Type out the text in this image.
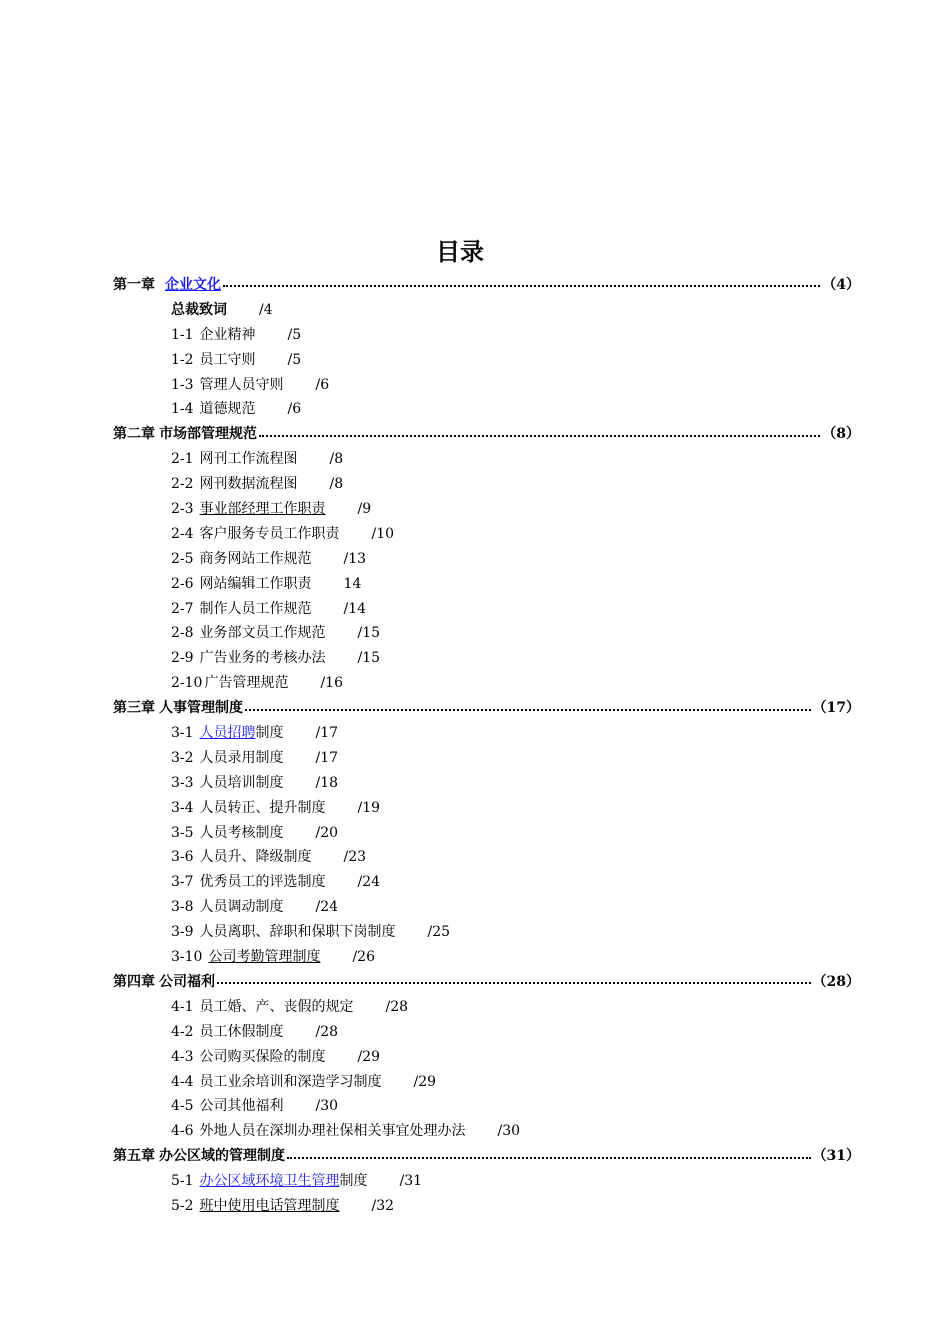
目录
第一章 企业文化	（4）
总裁致词 /4
1-1 企业精神 /5
1-2 员工守则 /5
1-3 管理人员守则 /6
1-4 道德规范 /6
第二章 市场部管理规范	（8）
2-1 网刊工作流程图 /8
2-2 网刊数据流程图 /8
2-3 事业部经理工作职责 /9
2-4 客户服务专员工作职责 /10
2-5 商务网站工作规范 /13
2-6 网站编辑工作职责 14
2-7 制作人员工作规范 /14
2-8 业务部文员工作规范 /15
2-9 广告业务的考核办法 /15
2-10 广告管理规范 /16
第三章 人事管理制度	（17）
3-1 人员招聘 制度 /17
3-2 人员录用制度 /17
3-3 人员培训制度 /18
3-4 人员转正、提升制度 /19
3-5 人员考核制度 /20
3-6 人员升、降级制度 /23
3-7 优秀员工的评选制度 /24
3-8 人员调动制度 /24
3-9 人员离职、辞职和保职下岗制度 /25
3-10 公司考勤管理制度 /26
第四章 公司福利	（28）
4-1 员工婚、产、丧假的规定 /28
4-2 员工休假制度 /28
4-3 公司购买保险的制度 /29
4-4 员工业余培训和深造学习制度 /29
4-5 公司其他福利 /30
4-6 外地人员在深圳办理社保相关事宜处理办法 /30
第五章 办公区域的管理制度	（31）
5-1 办公区域环境卫生管理 制度 /31
5-2 班中使用电话管理制度 /32
